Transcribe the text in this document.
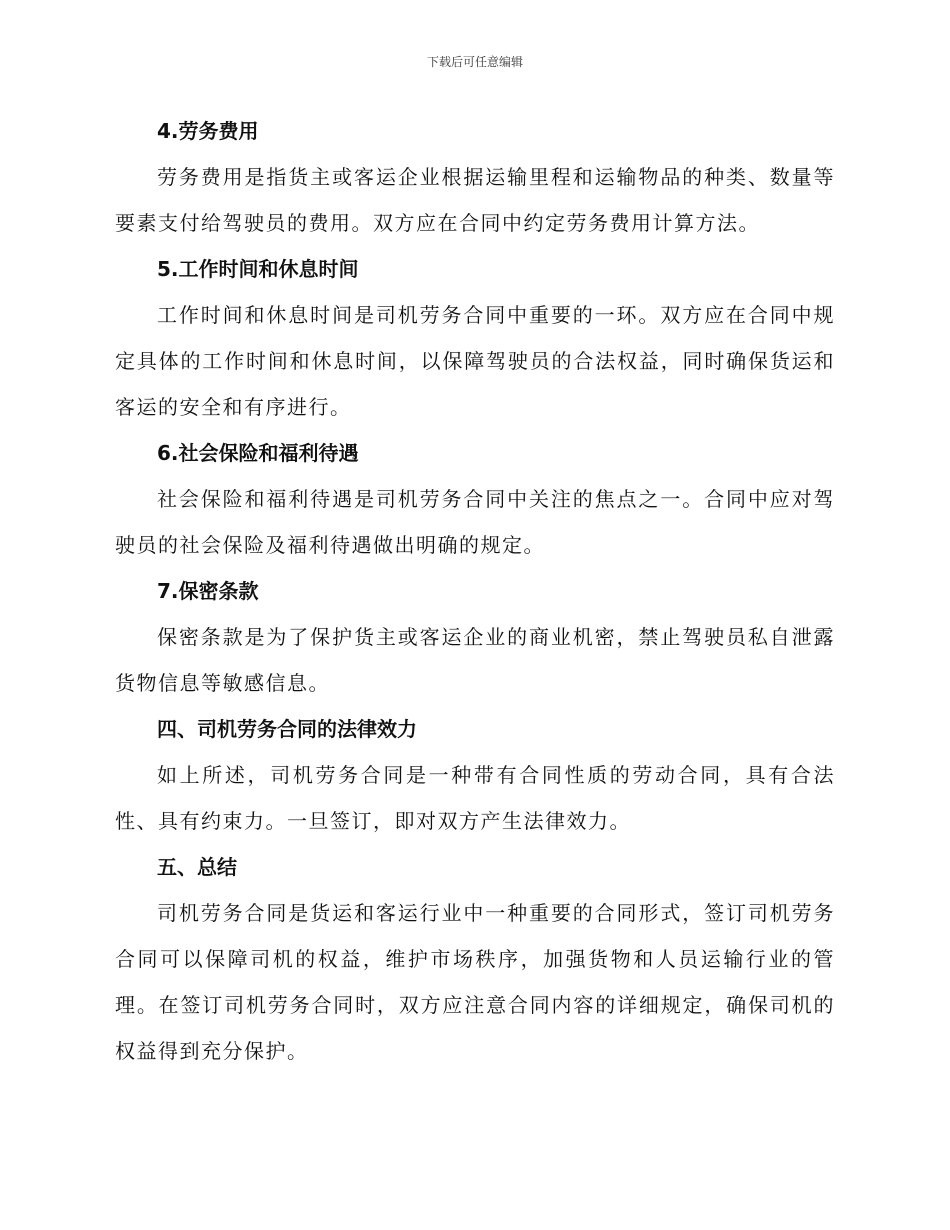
下载后可任意编辑
4.劳务费用

劳务费用是指货主或客运企业根据运输里程和运输物品的种类、数量等要素支付给驾驶员的费用。双方应在合同中约定劳务费用计算方法。

5.工作时间和休息时间

工作时间和休息时间是司机劳务合同中重要的一环。双方应在合同中规定具体的工作时间和休息时间，以保障驾驶员的合法权益，同时确保货运和客运的安全和有序进行。

6.社会保险和福利待遇

社会保险和福利待遇是司机劳务合同中关注的焦点之一。合同中应对驾驶员的社会保险及福利待遇做出明确的规定。

7.保密条款

保密条款是为了保护货主或客运企业的商业机密，禁止驾驶员私自泄露货物信息等敏感信息。

四、司机劳务合同的法律效力

如上所述，司机劳务合同是一种带有合同性质的劳动合同，具有合法性、具有约束力。一旦签订，即对双方产生法律效力。

五、总结

司机劳务合同是货运和客运行业中一种重要的合同形式，签订司机劳务合同可以保障司机的权益，维护市场秩序，加强货物和人员运输行业的管理。在签订司机劳务合同时，双方应注意合同内容的详细规定，确保司机的权益得到充分保护。
